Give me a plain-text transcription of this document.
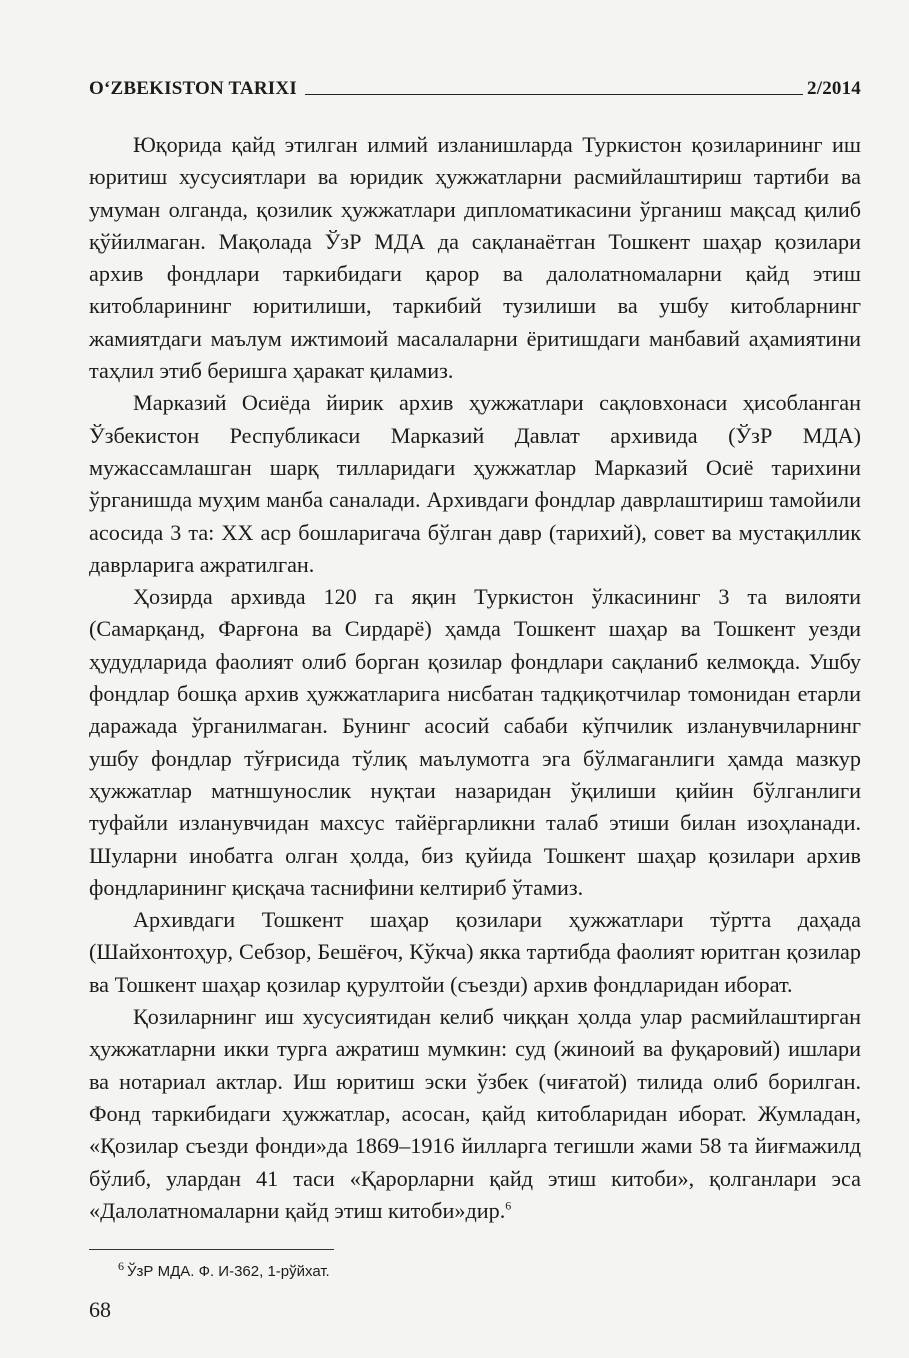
O‘ZBEKISTON TARIXI	2/2014

Юқорида қайд этилган илмий изланишларда Туркистон қозиларининг иш юритиш хусусиятлари ва юридик ҳужжатларни расмийлаштириш тартиби ва умуман олганда, қозилик ҳужжатлари дипломатикасини ўрганиш мақсад қилиб қўйилмаган. Мақолада ЎзР МДА да сақланаётган Тошкент шаҳар қозилари архив фондлари таркибидаги қарор ва далолатномаларни қайд этиш китобларининг юритилиши, таркибий тузилиши ва ушбу китобларнинг жамиятдаги маълум ижтимоий масалаларни ёритишдаги манбавий аҳамиятини таҳлил этиб беришга ҳаракат қиламиз.

Марказий Осиёда йирик архив ҳужжатлари сақловхонаси ҳисобланган Ўзбекистон Республикаси Марказий Давлат архивида (ЎзР МДА) мужассамлашган шарқ тилларидаги ҳужжатлар Марказий Осиё тарихини ўрганишда муҳим манба саналади. Архивдаги фондлар даврлаштириш тамойили асосида 3 та: XX аср бошларигача бўлган давр (тарихий), совет ва мустақиллик даврларига ажратилган.

Ҳозирда архивда 120 га яқин Туркистон ўлкасининг 3 та вилояти (Самарқанд, Фарғона ва Сирдарё) ҳамда Тошкент шаҳар ва Тошкент уезди ҳудудларида фаолият олиб борган қозилар фондлари сақланиб келмоқда. Ушбу фондлар бошқа архив ҳужжатларига нисбатан тадқиқотчилар томонидан етарли даражада ўрганилмаган. Бунинг асосий сабаби кўпчилик изланувчиларнинг ушбу фондлар тўғрисида тўлиқ маълумотга эга бўлмаганлиги ҳамда мазкур ҳужжатлар матншунослик нуқтаи назаридан ўқилиши қийин бўлганлиги туфайли изланувчидан махсус тайёргарликни талаб этиши билан изоҳланади. Шуларни инобатга олган ҳолда, биз қуйида Тошкент шаҳар қозилари архив фондларининг қисқача таснифини келтириб ўтамиз.

Архивдаги Тошкент шаҳар қозилари ҳужжатлари тўртта даҳада (Шайхонтоҳур, Себзор, Бешёғоч, Кўкча) якка тартибда фаолият юритган қозилар ва Тошкент шаҳар қозилар қурултойи (съезди) архив фондларидан иборат.

Қозиларнинг иш хусусиятидан келиб чиққан ҳолда улар расмийлаштирган ҳужжатларни икки турга ажратиш мумкин: суд (жиноий ва фуқаровий) ишлари ва нотариал актлар. Иш юритиш эски ўзбек (чиғатой) тилида олиб борилган. Фонд таркибидаги ҳужжатлар, асосан, қайд китобларидан иборат. Жумладан, «Қозилар съезди фонди»да 1869–1916 йилларга тегишли жами 58 та йиғмажилд бўлиб, улардан 41 таси «Қарорларни қайд этиш китоби», қолганлари эса «Далолатномаларни қайд этиш китоби»дир.$^6$

$^6$ ЎзР МДА. Ф. И-362, 1-рўйхат.
68
